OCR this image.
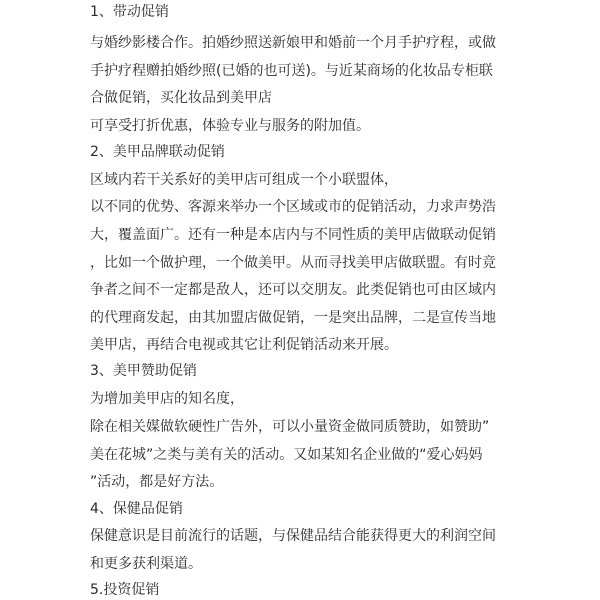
1、带动促销
与婚纱影楼合作。拍婚纱照送新娘甲和婚前一个月手护疗程，或做
手护疗程赠拍婚纱照(已婚的也可送)。与近某商场的化妆品专柜联
合做促销，买化妆品到美甲店
可享受打折优惠，体验专业与服务的附加值。
2、美甲品牌联动促销
区域内若干关系好的美甲店可组成一个小联盟体，
以不同的优势、客源来举办一个区域或市的促销活动，力求声势浩
大，覆盖面广。还有一种是本店内与不同性质的美甲店做联动促销
，比如一个做护理，一个做美甲。从而寻找美甲店做联盟。有时竞
争者之间不一定都是敌人，还可以交朋友。此类促销也可由区域内
的代理商发起，由其加盟店做促销，一是突出品牌，二是宣传当地
美甲店，再结合电视或其它让利促销活动来开展。
3、美甲赞助促销
为增加美甲店的知名度，
除在相关媒做软硬性广告外，可以小量资金做同质赞助，如赞助”
美在花城”之类与美有关的活动。又如某知名企业做的“爱心妈妈
”活动，都是好方法。
4、保健品促销
保健意识是目前流行的话题，与保健品结合能获得更大的利润空间
和更多获利渠道。
5.投资促销
